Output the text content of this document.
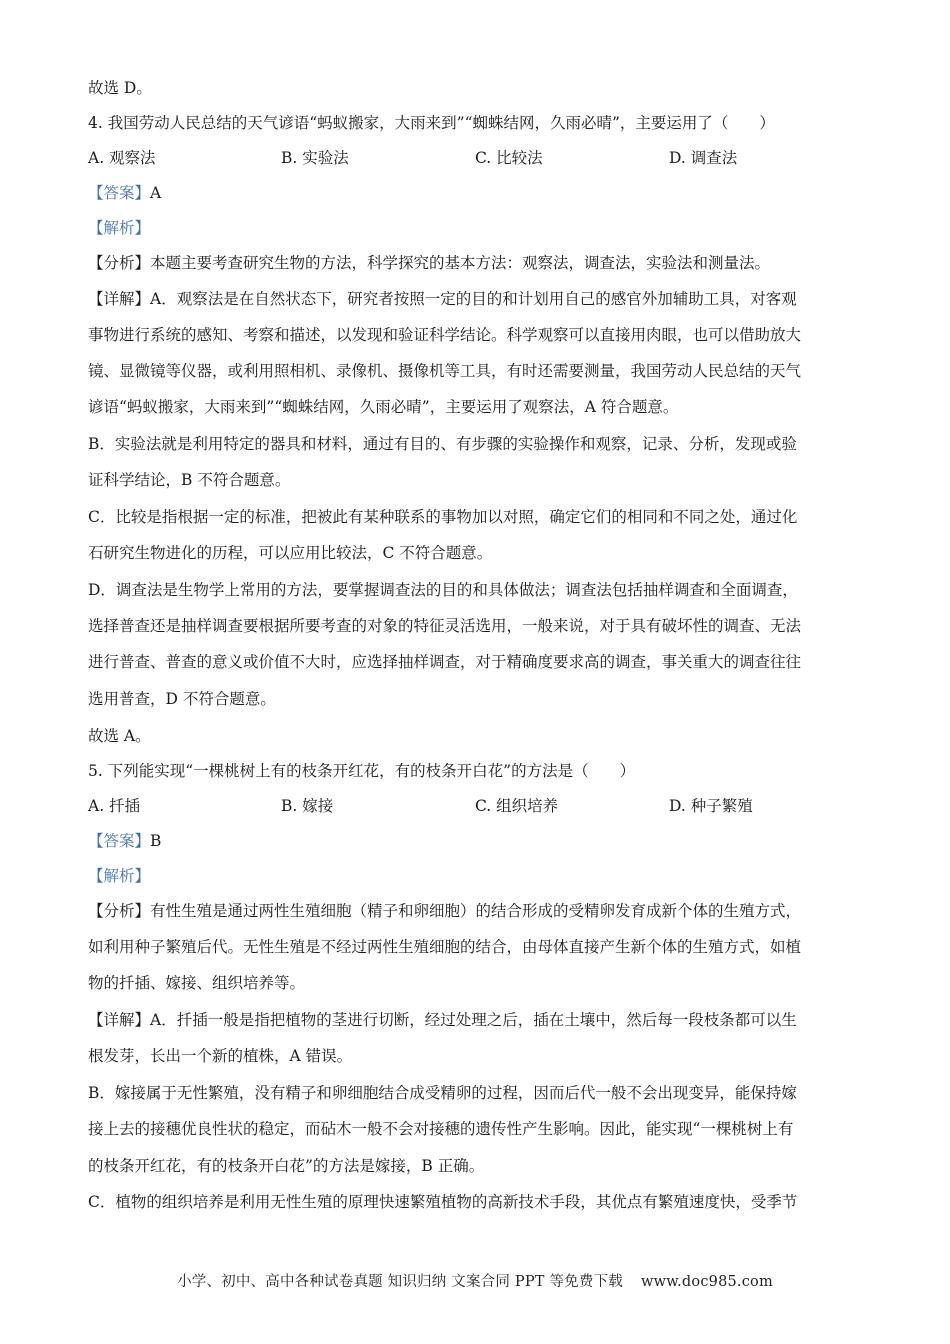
故选 D。
4. 我国劳动人民总结的天气谚语“蚂蚁搬家，大雨来到”“蜘蛛结网，久雨必晴”，主要运用了（　　）
A. 观察法	B. 实验法	C. 比较法	D. 调查法
【答案】A
【解析】
【分析】本题主要考查研究生物的方法，科学探究的基本方法：观察法，调查法，实验法和测量法。
【详解】A．观察法是在自然状态下，研究者按照一定的目的和计划用自己的感官外加辅助工具，对客观
事物进行系统的感知、考察和描述，以发现和验证科学结论。科学观察可以直接用肉眼，也可以借助放大
镜、显微镜等仪器，或利用照相机、录像机、摄像机等工具，有时还需要测量，我国劳动人民总结的天气
谚语“蚂蚁搬家，大雨来到”“蜘蛛结网，久雨必晴”，主要运用了观察法，A 符合题意。
B．实验法就是利用特定的器具和材料，通过有目的、有步骤的实验操作和观察，记录、分析，发现或验
证科学结论，B 不符合题意。
C．比较是指根据一定的标准，把被此有某种联系的事物加以对照，确定它们的相同和不同之处，通过化
石研究生物进化的历程，可以应用比较法，C 不符合题意。
D．调查法是生物学上常用的方法，要掌握调查法的目的和具体做法；调查法包括抽样调查和全面调查，
选择普查还是抽样调查要根据所要考查的对象的特征灵活选用，一般来说，对于具有破坏性的调查、无法
进行普查、普查的意义或价值不大时，应选择抽样调查，对于精确度要求高的调查，事关重大的调查往往
选用普查，D 不符合题意。
故选 A。
5. 下列能实现“一棵桃树上有的枝条开红花，有的枝条开白花”的方法是（　　）
A. 扦插	B. 嫁接	C. 组织培养	D. 种子繁殖
【答案】B
【解析】
【分析】有性生殖是通过两性生殖细胞（精子和卵细胞）的结合形成的受精卵发育成新个体的生殖方式，
如利用种子繁殖后代。无性生殖是不经过两性生殖细胞的结合，由母体直接产生新个体的生殖方式，如植
物的扦插、嫁接、组织培养等。
【详解】A．扦插一般是指把植物的茎进行切断，经过处理之后，插在土壤中，然后每一段枝条都可以生
根发芽，长出一个新的植株，A 错误。
B．嫁接属于无性繁殖，没有精子和卵细胞结合成受精卵的过程，因而后代一般不会出现变异，能保持嫁
接上去的接穗优良性状的稳定，而砧木一般不会对接穗的遗传性产生影响。因此，能实现“一棵桃树上有
的枝条开红花，有的枝条开白花”的方法是嫁接，B 正确。
C．植物的组织培养是利用无性生殖的原理快速繁殖植物的高新技术手段，其优点有繁殖速度快，受季节
小学、初中、高中各种试卷真题 知识归纳 文案合同 PPT 等免费下载 www.doc985.com
